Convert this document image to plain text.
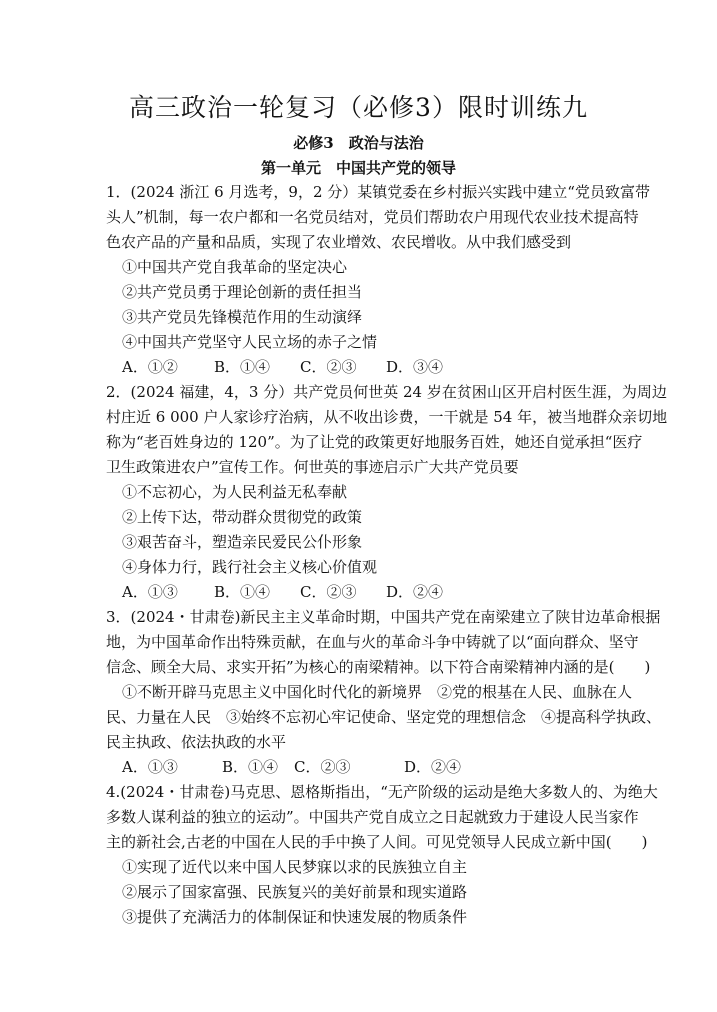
高三政治一轮复习（必修3）限时训练九
必修3　政治与法治
第一单元　中国共产党的领导
1．(2024 浙江 6 月选考，9，2 分）某镇党委在乡村振兴实践中建立“党员致富带
头人”机制，每一农户都和一名党员结对，党员们帮助农户用现代农业技术提高特
色农产品的产量和品质，实现了农业增效、农民增收。从中我们感受到
①中国共产党自我革命的坚定决心
②共产党员勇于理论创新的责任担当
③共产党员先锋模范作用的生动演绎
④中国共产党坚守人民立场的赤子之情
A．①② B．①④ C．②③ D．③④
2．(2024 福建，4，3 分）共产党员何世英 24 岁在贫困山区开启村医生涯，为周边
村庄近 6 000 户人家诊疗治病，从不收出诊费，一干就是 54 年，被当地群众亲切地
称为“老百姓身边的 120”。为了让党的政策更好地服务百姓，她还自觉承担“医疗
卫生政策进农户”宣传工作。何世英的事迹启示广大共产党员要
①不忘初心，为人民利益无私奉献
②上传下达，带动群众贯彻党的政策
③艰苦奋斗，塑造亲民爱民公仆形象
④身体力行，践行社会主义核心价值观
A．①③ B．①④ C．②③ D．②④
3．(2024・甘肃卷)新民主主义革命时期，中国共产党在南梁建立了陕甘边革命根据
地，为中国革命作出特殊贡献，在血与火的革命斗争中铸就了以“面向群众、坚守
信念、顾全大局、求实开拓”为核心的南梁精神。以下符合南梁精神内涵的是(　　)
①不断开辟马克思主义中国化时代化的新境界　②党的根基在人民、血脉在人
民、力量在人民　③始终不忘初心牢记使命、坚定党的理想信念　④提高科学执政、
民主执政、依法执政的水平
A．①③	B．①④ C．②③	D．②④
4.(2024・甘肃卷)马克思、恩格斯指出，“无产阶级的运动是绝大多数人的、为绝大
多数人谋利益的独立的运动”。中国共产党自成立之日起就致力于建设人民当家作
主的新社会,古老的中国在人民的手中换了人间。可见党领导人民成立新中国(　　)
①实现了近代以来中国人民梦寐以求的民族独立自主
②展示了国家富强、民族复兴的美好前景和现实道路
③提供了充满活力的体制保证和快速发展的物质条件
